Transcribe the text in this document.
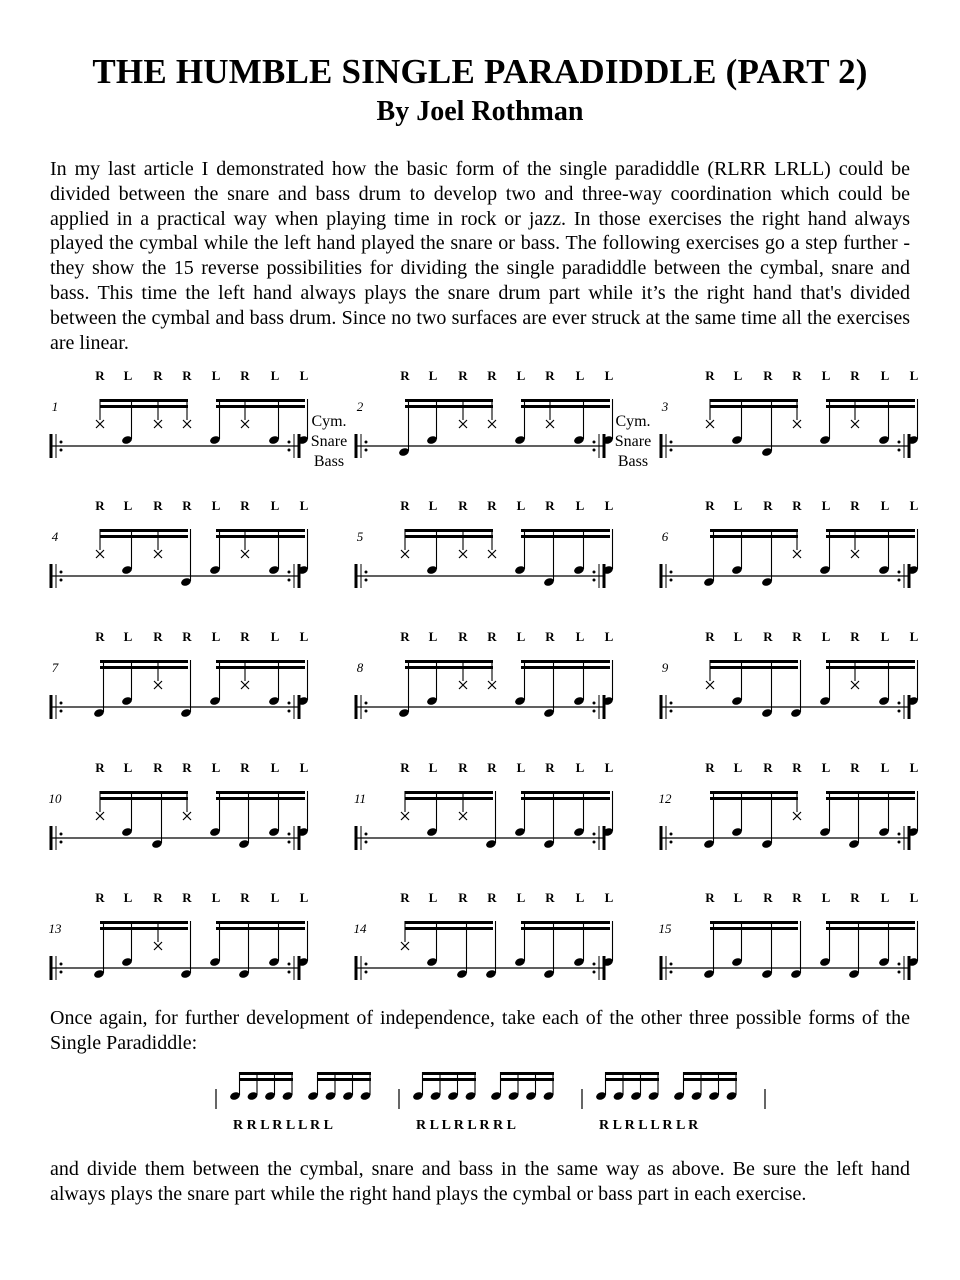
THE HUMBLE SINGLE PARADIDDLE (PART 2)
By Joel Rothman
In my last article I demonstrated how the basic form of the single paradiddle (RLRR LRLL) could be divided between the snare and bass drum to develop two and three-way coordination which could be applied in a practical way when playing time in rock or jazz. In those exercises the right hand always played the cymbal while the left hand played the snare or bass. The following exercises go a step further - they show the 15 reverse possibilities for dividing the single paradiddle between the cymbal, snare and bass. This time the left hand always plays the snare drum part while it’s the right hand that's divided between the cymbal and bass drum. Since no two surfaces are ever struck at the same time all the exercises are linear.
1
R L R R L R L L
2
R L R R L R L L
3
R L R R L R L L
4
R L R R L R L L
5
R L R R L R L L
6
R L R R L R L L
7
R L R R L R L L
8
R L R R L R L L
9
R L R R L R L L
10
R L R R L R L L
11
R L R R L R L L
12
R L R R L R L L
13
R L R R L R L L
14
R L R R L R L L
15
R L R R L R L L
R R L R L L R L	R L L R L R R L	R L R L L R L R
Cym.
Snare
Bass
Cym.
Snare
Bass
Once again, for further development of independence, take each of the other three possible forms of the Single Paradiddle:
and divide them between the cymbal, snare and bass in the same way as above. Be sure the left hand always plays the snare part while the right hand plays the cymbal or bass part in each exercise.
